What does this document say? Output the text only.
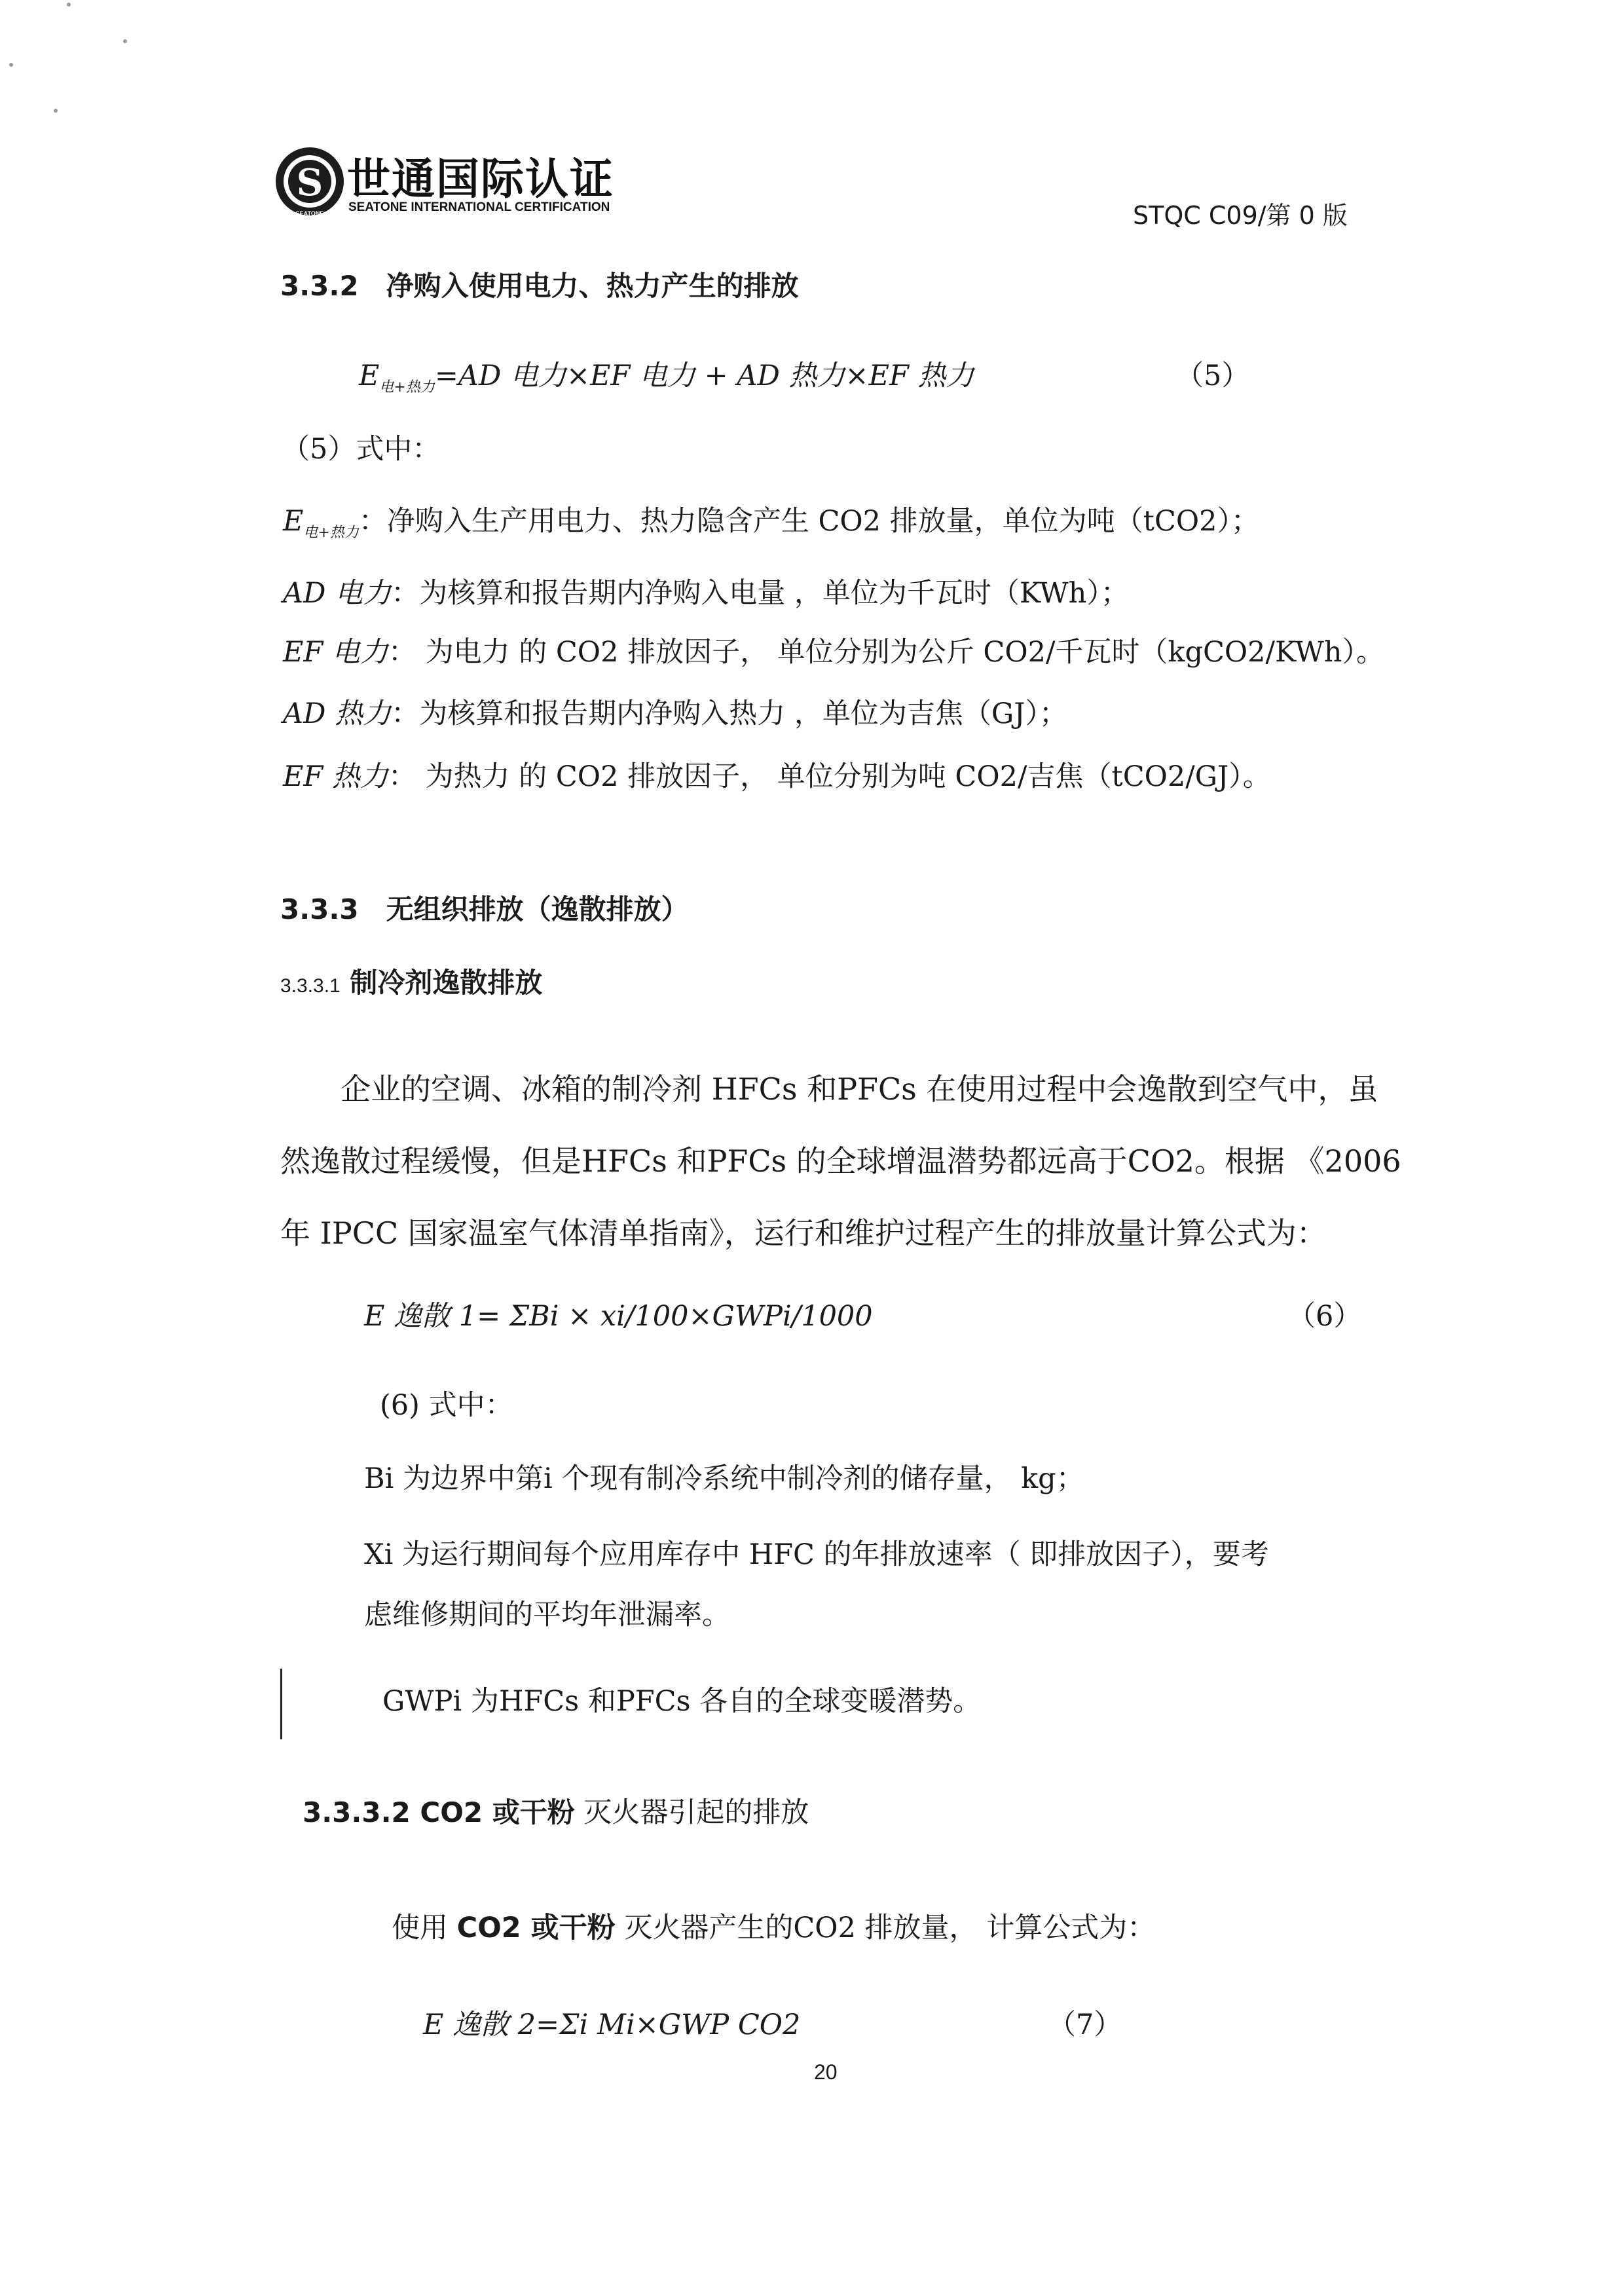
S
SEATONE
世通国际认证
SEATONE INTERNATIONAL CERTIFICATION	STQC C09/第 0 版
3.3.2　净购入使用电力、热力产生的排放
$E_{电+热力}=AD$ 电力×EF 电力 + AD 热力×EF 热力	（5）
（5）式中：
$E_{电+热力}$：净购入生产用电力、热力隐含产生 CO2 排放量，单位为吨（tCO2）；
AD 电力：为核算和报告期内净购入电量 ，单位为千瓦时（KWh）；
EF 电力： 为电力 的 CO2 排放因子， 单位分别为公斤 CO2/千瓦时（kgCO2/KWh）。
AD 热力：为核算和报告期内净购入热力 ，单位为吉焦（GJ）；
EF 热力： 为热力 的 CO2 排放因子， 单位分别为吨 CO2/吉焦（tCO2/GJ）。
3.3.3　无组织排放（逸散排放）
3.3.3.1 制冷剂逸散排放
　　企业的空调、冰箱的制冷剂 HFCs 和PFCs 在使用过程中会逸散到空气中，虽
然逸散过程缓慢，但是HFCs 和PFCs 的全球增温潜势都远高于CO2。根据 《2006
年 IPCC 国家温室气体清单指南》，运行和维护过程产生的排放量计算公式为：
E 逸散 1= ΣBi × xi/100×GWPi/1000	（6）
(6) 式中：
Bi 为边界中第i 个现有制冷系统中制冷剂的储存量， kg；
Xi 为运行期间每个应用库存中 HFC 的年排放速率（ 即排放因子），要考
虑维修期间的平均年泄漏率。
GWPi 为HFCs 和PFCs 各自的全球变暖潜势。
3.3.3.2 CO2 或干粉 灭火器引起的排放
使用 CO2 或干粉 灭火器产生的CO2 排放量， 计算公式为：
E 逸散 2=Σi Mi×GWP CO2	（7）
20
